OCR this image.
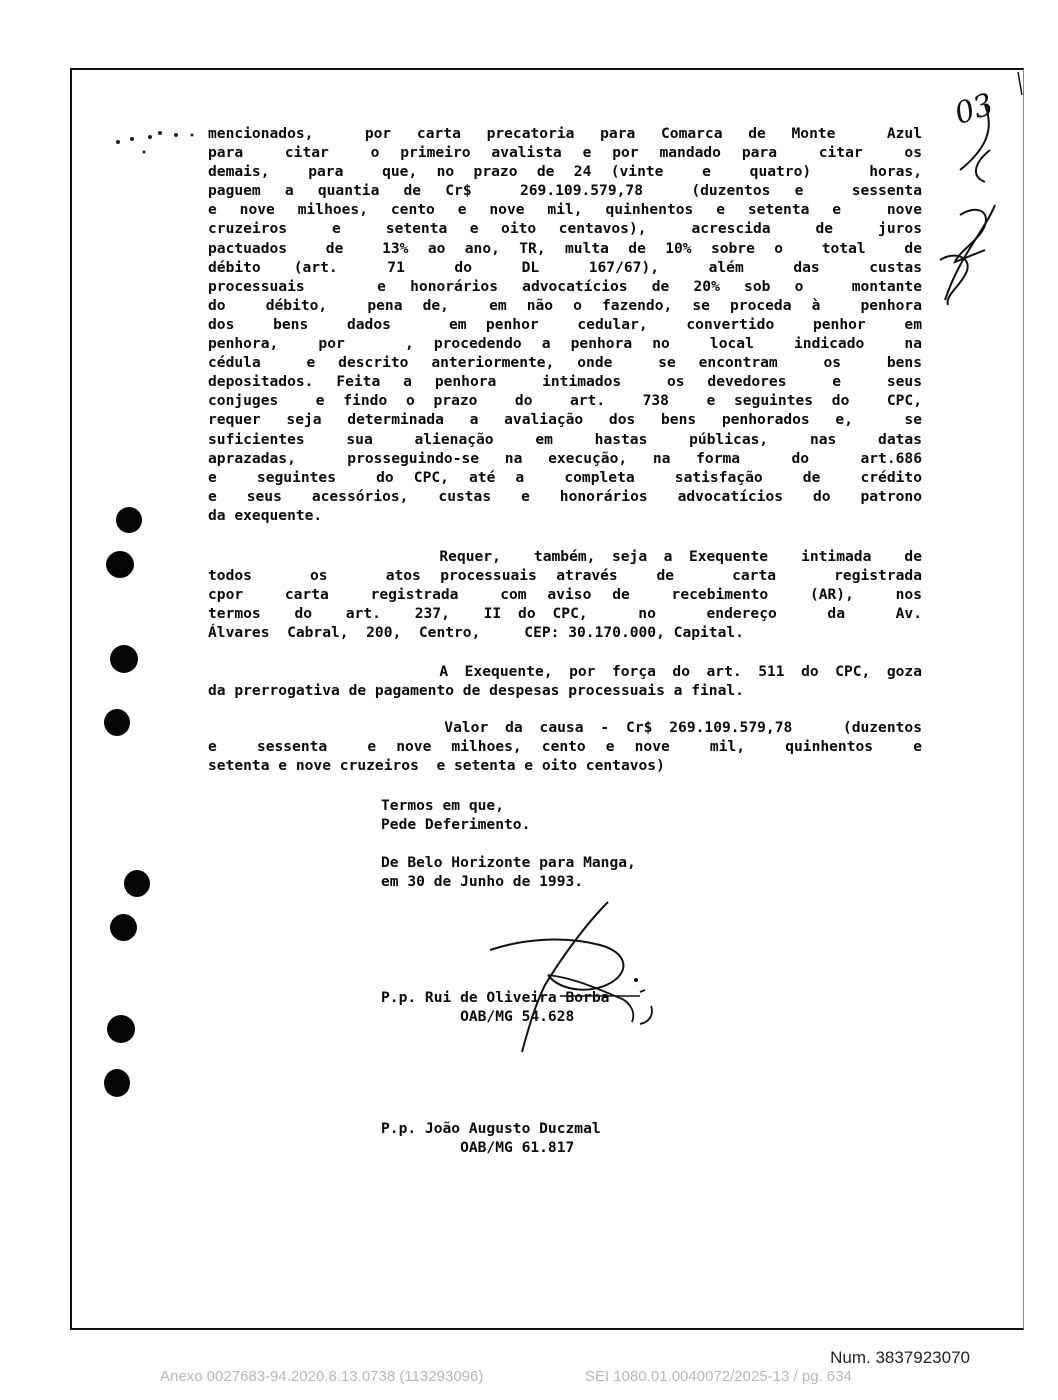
mencionados,  por carta precatoria para Comarca de Monte  Azul
para  citar  o primeiro avalista e por mandado para  citar  os
demais,  para  que, no prazo de 24 (vinte  e  quatro)   horas,
paguem a quantia de Cr$  269.109.579,78  (duzentos e  sessenta
e nove milhoes, cento e nove mil, quinhentos e setenta e  nove
cruzeiros  e  setenta e oito centavos),  acrescida  de  juros
pactuados  de  13% ao ano, TR, multa de 10% sobre o  total  de
débito  (art.   71   do   DL   167/67),   além   das   custas
processuais   e honorários advocatícios de 20% sob o  montante
do  débito,  pena de,  em não o fazendo, se proceda à  penhora
dos  bens  dados   em penhor  cedular,  convertido  penhor  em
penhora,  por   , procedendo a penhora no  local  indicado  na
cédula  e descrito anteriormente, onde  se encontram  os  bens
depositados. Feita a penhora  intimados  os devedores  e  seus
conjuges  e findo o prazo  do  art.  738  e seguintes do  CPC,
requer seja determinada a avaliação dos bens penhorados e,  se
suficientes  sua  alienação  em  hastas  públicas,  nas  datas
aprazadas,  prosseguindo-se na execução, na forma  do  art.686
e  seguintes  do CPC, até a  completa  satisfação  de  crédito
e seus acessórios, custas e honorários advocatícios do patrono
da exequente.
Requer,  também, seja a Exequente  intimada  de
todos   os   atos processuais através  de   carta   registrada
cpor  carta  registrada  com aviso de  recebimento  (AR),  nos
termos  do  art.  237,  II do CPC,   no   endereço   da   Av.
Álvares  Cabral,  200,  Centro,     CEP: 30.170.000, Capital.
A Exequente, por força do art. 511 do CPC, goza
da prerrogativa de pagamento de despesas processuais a final.
Valor da causa - Cr$ 269.109.579,78   (duzentos
e  sessenta  e nove milhoes, cento e nove  mil,  quinhentos  e
setenta e nove cruzeiros  e setenta e oito centavos)
Termos em que,
Pede Deferimento.
De Belo Horizonte para Manga,
em 30 de Junho de 1993.
P.p. Rui de Oliveira Borba
OAB/MG 54.628
P.p. João Augusto Duczmal
OAB/MG 61.817
03
Num. 3837923070
Anexo 0027683-94.2020.8.13.0738 (113293096)	SEI 1080.01.0040072/2025-13 / pg. 634
